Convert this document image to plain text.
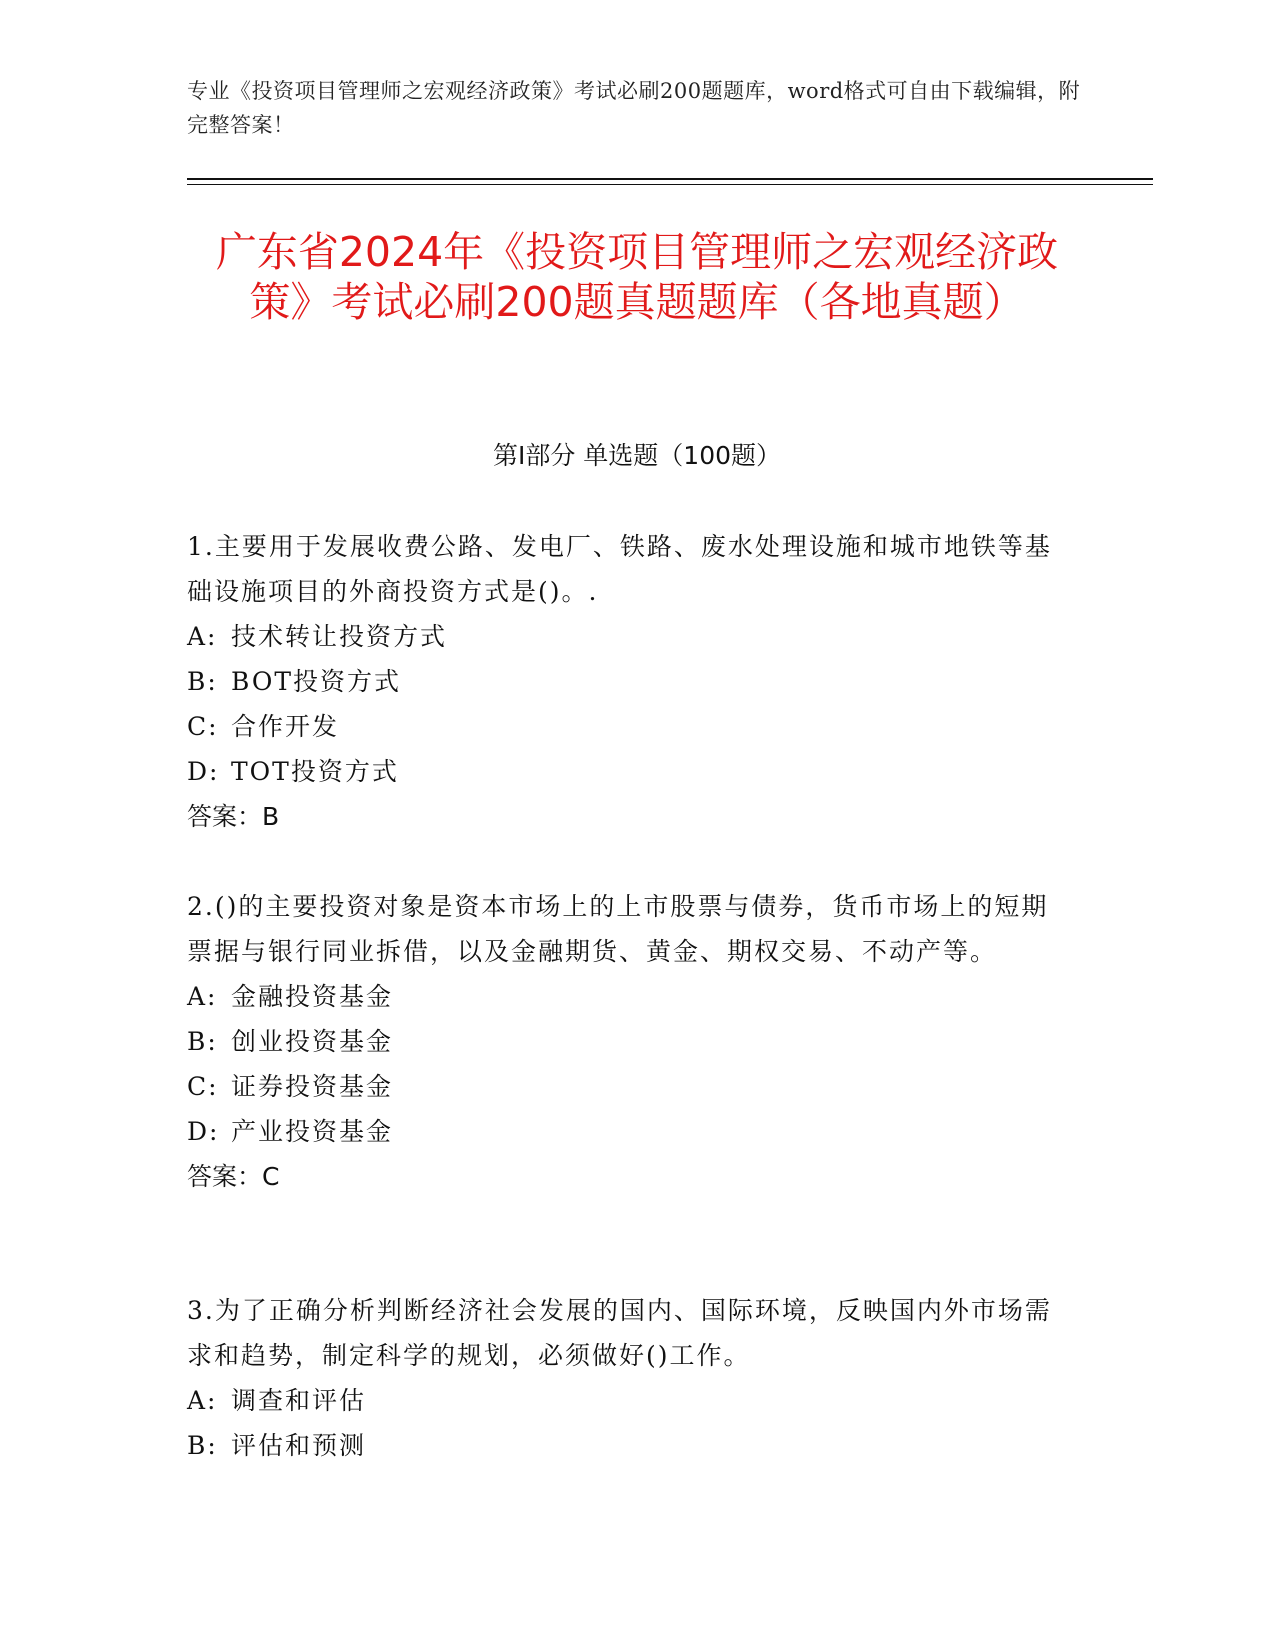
专业《投资项目管理师之宏观经济政策》考试必刷200题题库，word格式可自由下载编辑，附完整答案！

广东省2024年《投资项目管理师之宏观经济政策》考试必刷200题真题题库（各地真题）
第I部分 单选题（100题）

1.主要用于发展收费公路、发电厂、铁路、废水处理设施和城市地铁等基础设施项目的外商投资方式是()。.

A: 技术转让投资方式

B: BOT投资方式

C: 合作开发

D: TOT投资方式

答案：B

2.()的主要投资对象是资本市场上的上市股票与债券，货币市场上的短期票据与银行同业拆借，以及金融期货、黄金、期权交易、不动产等。

A: 金融投资基金

B: 创业投资基金

C: 证券投资基金

D: 产业投资基金

答案：C

3.为了正确分析判断经济社会发展的国内、国际环境，反映国内外市场需求和趋势，制定科学的规划，必须做好()工作。

A: 调查和评估

B: 评估和预测
